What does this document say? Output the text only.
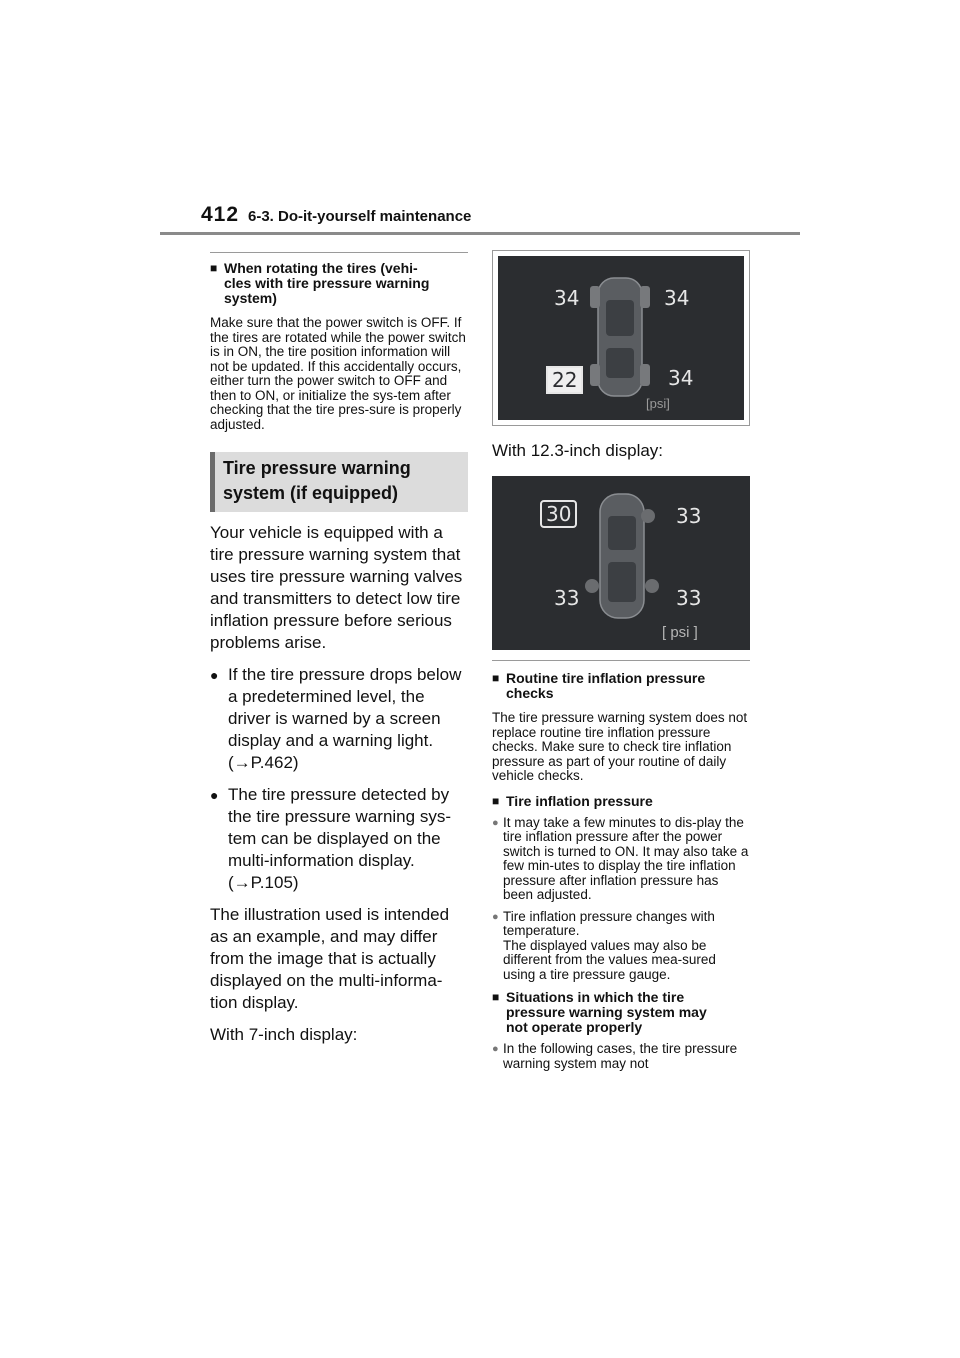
412 6-3. Do-it-yourself maintenance
■ When rotating the tires (vehi-
cles with tire pressure warning
system)
Make sure that the power switch is OFF. If the tires are rotated while the power switch is in ON, the tire position information will not be updated. If this accidentally occurs, either turn the power switch to OFF and then to ON, or initialize the sys-tem after checking that the tire pres-sure is properly adjusted.
Tire pressure warning
system (if equipped)
Your vehicle is equipped with a tire pressure warning system that uses tire pressure warning valves and transmitters to detect low tire inflation pressure before serious problems arise.
● If the tire pressure drops below a predetermined level, the driver is warned by a screen display and a warning light. (→P.462)
● The tire pressure detected by the tire pressure warning sys-tem can be displayed on the multi-information display. (→P.105)
The illustration used is intended as an example, and may differ from the image that is actually displayed on the multi-informa-tion display.
With 7-inch display:
34	34
22	34
[psi]
With 12.3-inch display:
30	33
33	33
[ psi ]
■ Routine tire inflation pressure
checks
The tire pressure warning system does not replace routine tire inflation pressure checks. Make sure to check tire inflation pressure as part of your routine of daily vehicle checks.
■ Tire inflation pressure
● It may take a few minutes to dis-play the tire inflation pressure after the power switch is turned to ON. It may also take a few min-utes to display the tire inflation pressure after inflation pressure has been adjusted.
● Tire inflation pressure changes with temperature.
The displayed values may also be different from the values mea-sured using a tire pressure gauge.
■ Situations in which the tire
pressure warning system may
not operate properly
● In the following cases, the tire pressure warning system may not
